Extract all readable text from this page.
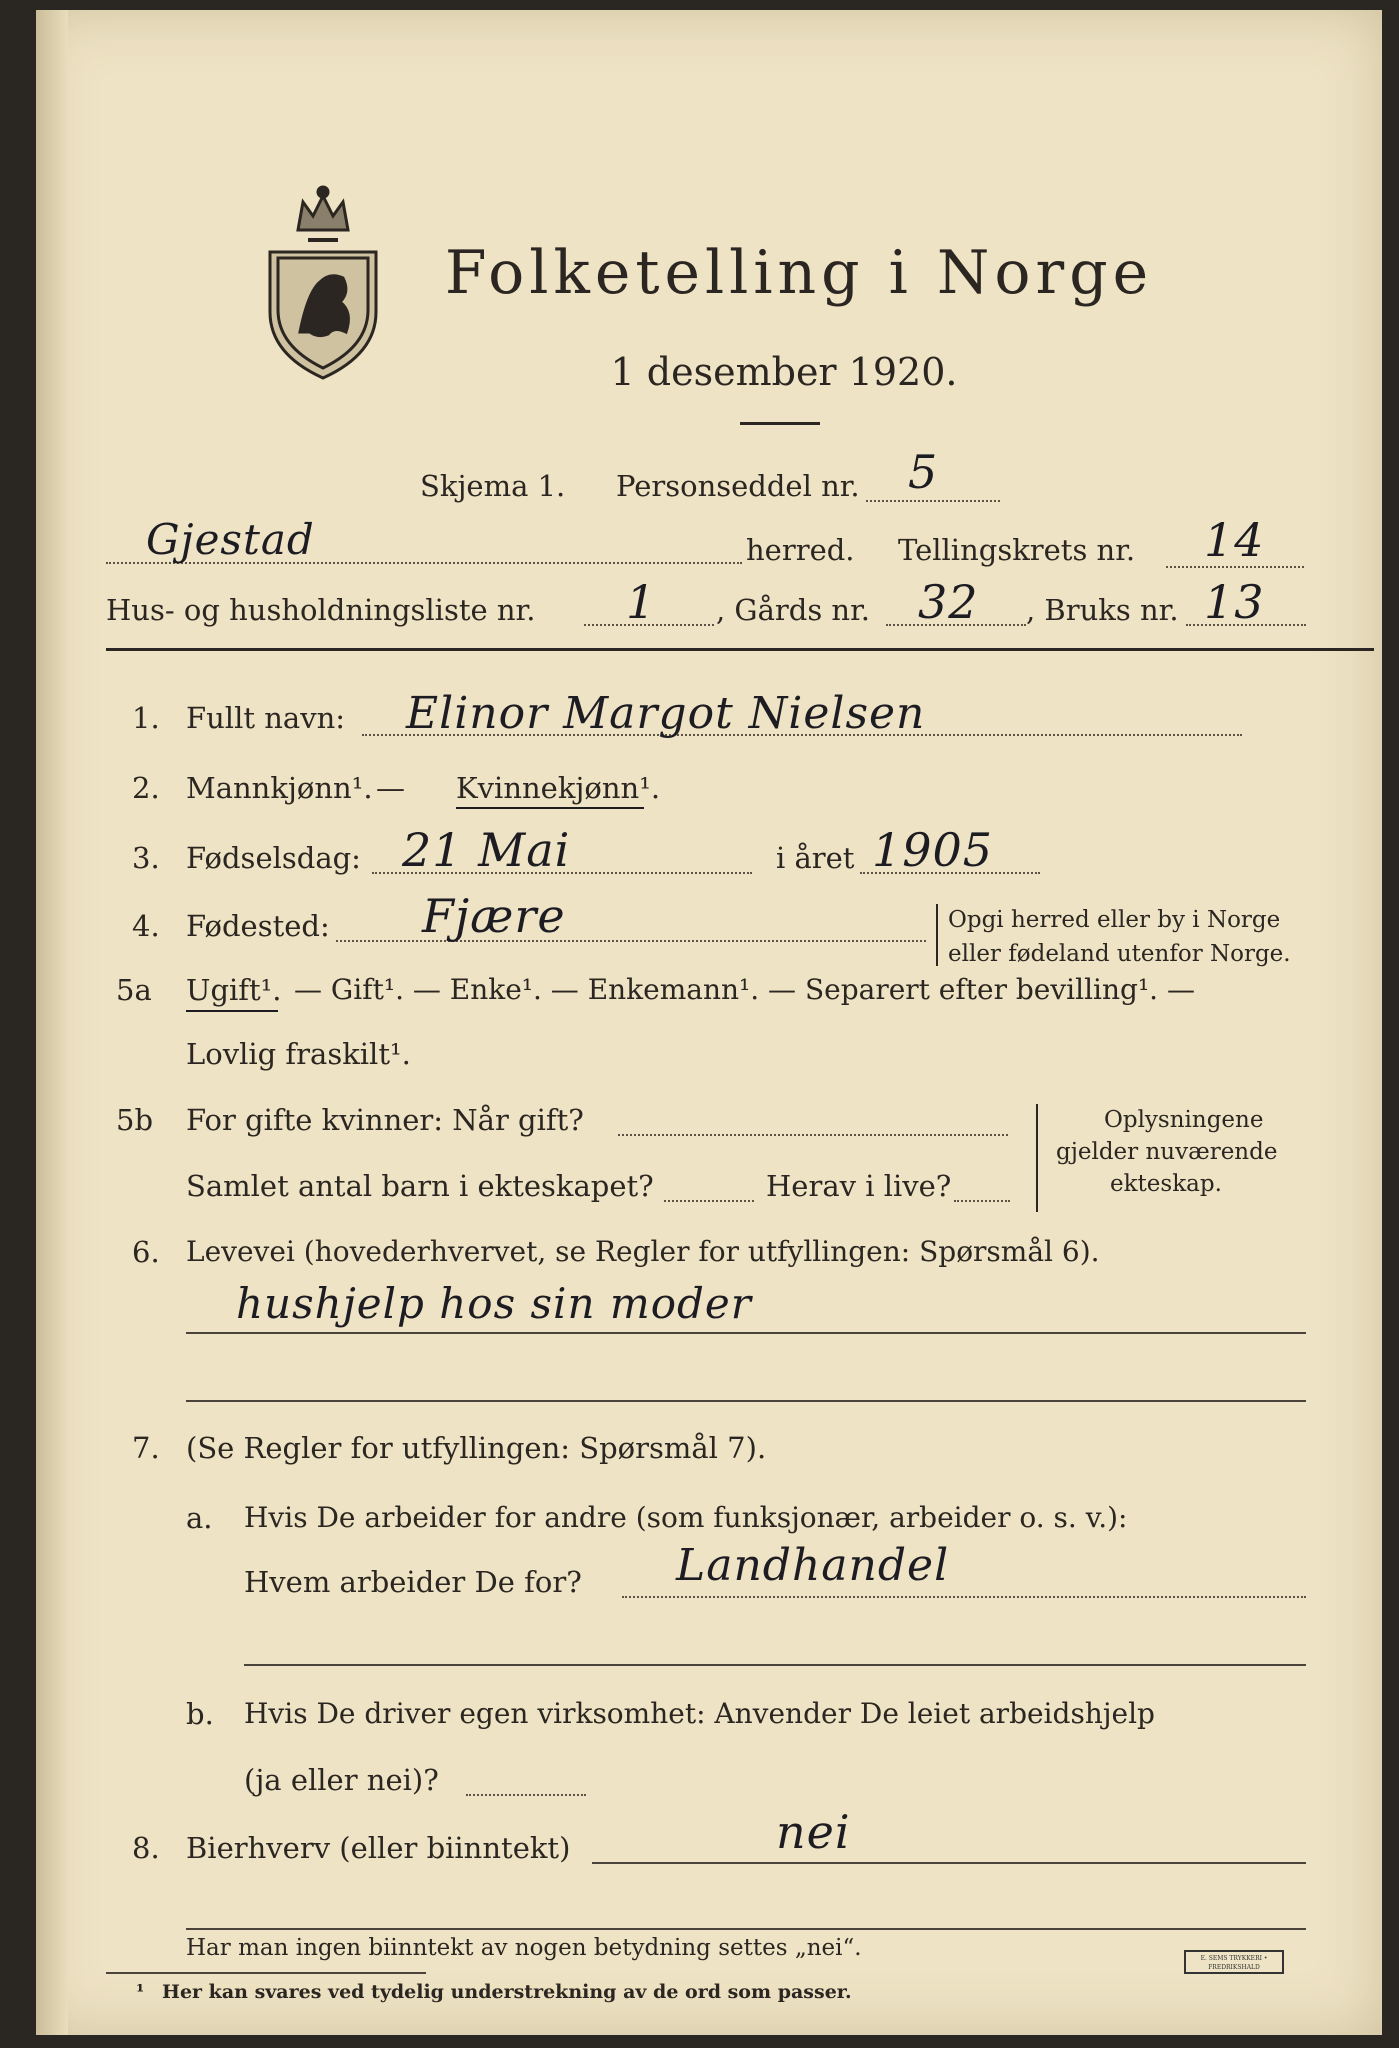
Folketelling i Norge
1 desember 1920.
Skjema 1. Personseddel nr. 5
Gjestad	herred. Tellingskrets nr. 14
Hus- og husholdningsliste nr. 1 , Gårds nr. 32 , Bruks nr. 13
1. Fullt navn: Elinor Margot Nielsen
2. Mannkjønn¹. — Kvinnekjønn¹.
3. Fødselsdag: 21 Mai	i året 1905
4. Fødested: Fjære	Opgi herred eller by i Norge
eller fødeland utenfor Norge.
5a Ugift¹. — Gift¹. — Enke¹. — Enkemann¹. — Separert efter bevilling¹. —
Lovlig fraskilt¹.
5b For gifte kvinner: Når gift?
Samlet antal barn i ekteskapet?	Herav i live?
Oplysningene
gjelder nuværende
ekteskap.
6. Levevei (hovederhvervet, se Regler for utfyllingen: Spørsmål 6).
hushjelp hos sin moder
7. (Se Regler for utfyllingen: Spørsmål 7).
a. Hvis De arbeider for andre (som funksjonær, arbeider o. s. v.):
Hvem arbeider De for? Landhandel
b. Hvis De driver egen virksomhet: Anvender De leiet arbeidshjelp
(ja eller nei)?
8. Bierhverv (eller biinntekt)	nei
Har man ingen biinntekt av nogen betydning settes „nei“.
¹ Her kan svares ved tydelig understrekning av de ord som passer.
E. SEMS TRYKKERI • FREDRIKSHALD
